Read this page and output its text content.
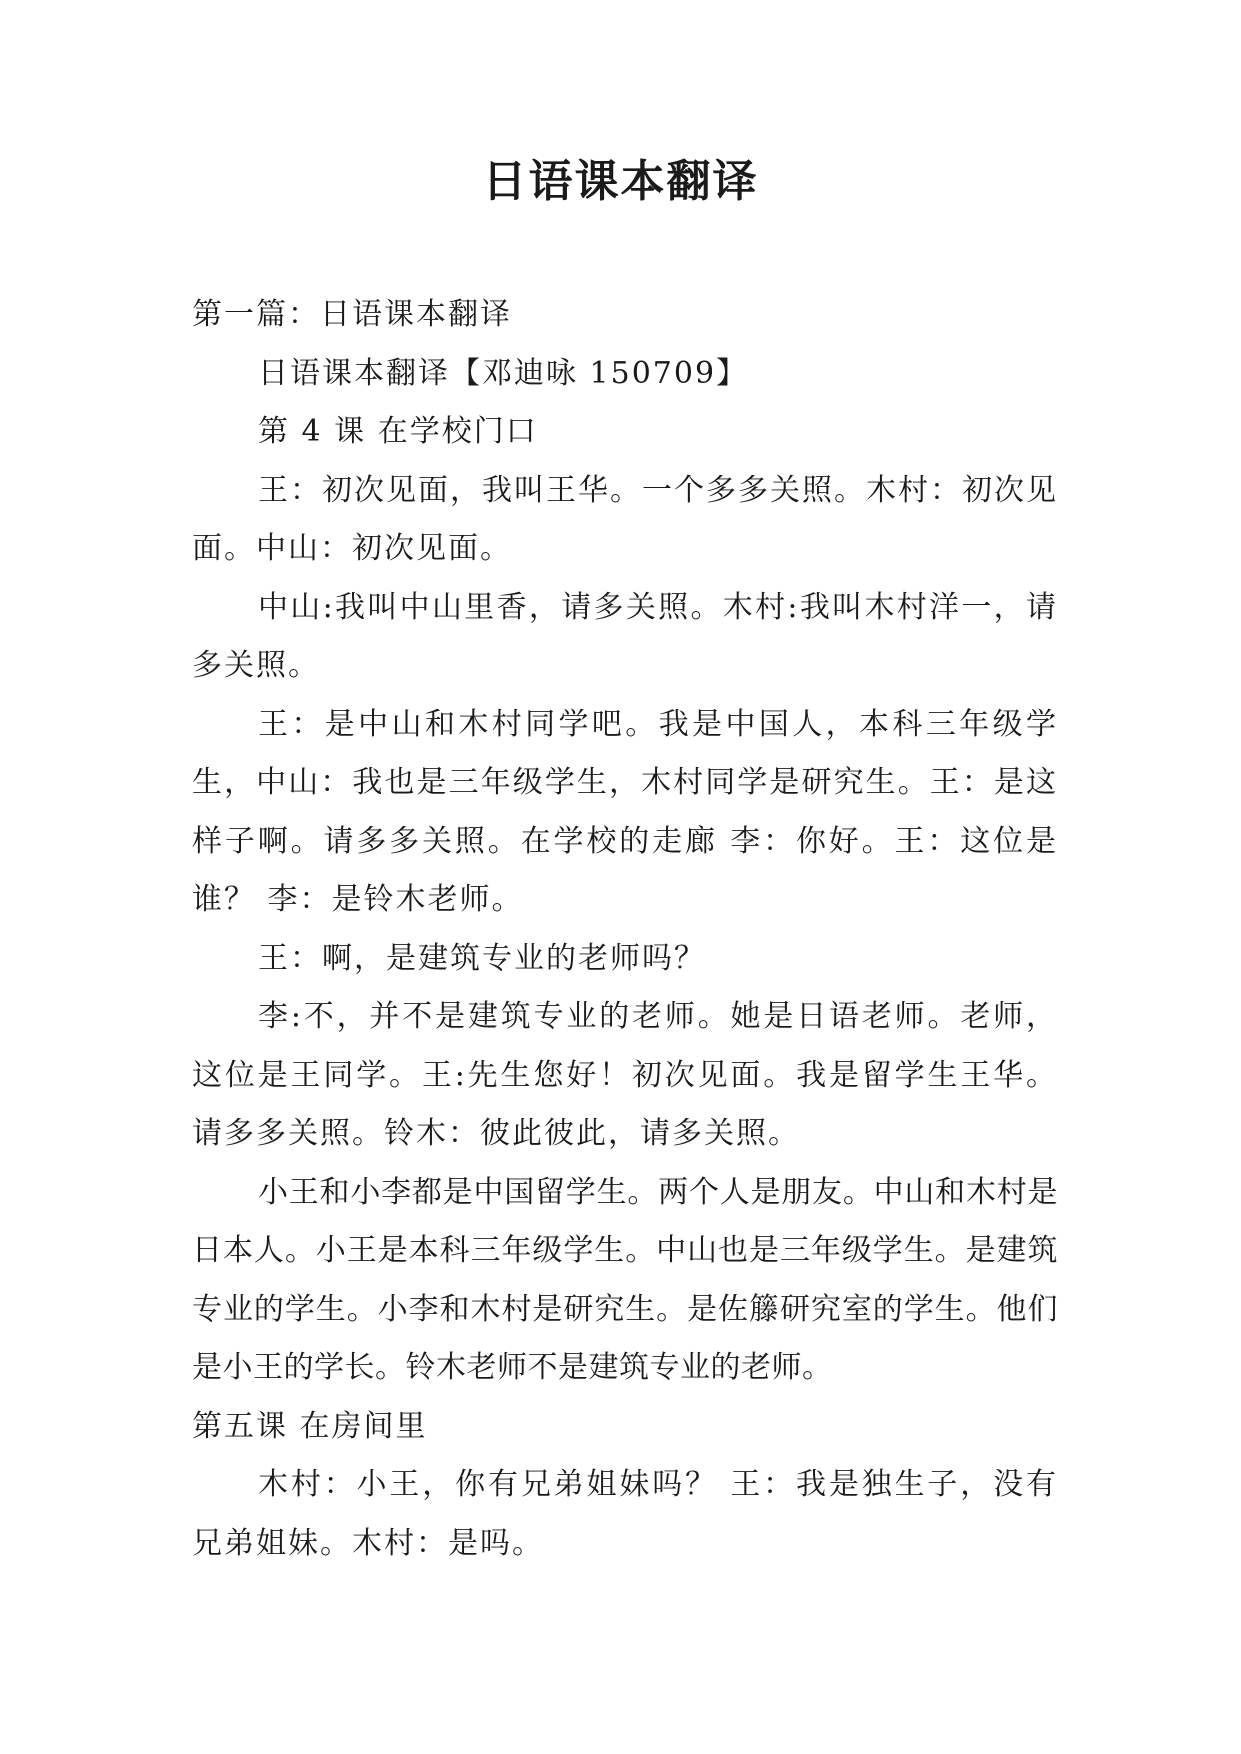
日语课本翻译

第一篇：日语课本翻译

日语课本翻译【邓迪咏 150709】

第 4 课 在学校门口

王：初次见面，我叫王华。一个多多关照。木村：初次见面。中山：初次见面。

中山:我叫中山里香，请多关照。木村:我叫木村洋一，请多关照。

王：是中山和木村同学吧。我是中国人，本科三年级学生，中山：我也是三年级学生，木村同学是研究生。王：是这样子啊。请多多关照。在学校的走廊 李：你好。王：这位是谁？ 李：是铃木老师。

王：啊，是建筑专业的老师吗？

李:不，并不是建筑专业的老师。她是日语老师。老师，这位是王同学。王:先生您好！初次见面。我是留学生王华。请多多关照。铃木：彼此彼此，请多关照。

小王和小李都是中国留学生。两个人是朋友。中山和木村是日本人。小王是本科三年级学生。中山也是三年级学生。是建筑专业的学生。小李和木村是研究生。是佐籐研究室的学生。他们是小王的学长。铃木老师不是建筑专业的老师。

第五课 在房间里

木村：小王，你有兄弟姐妹吗？ 王：我是独生子，没有兄弟姐妹。木村：是吗。
